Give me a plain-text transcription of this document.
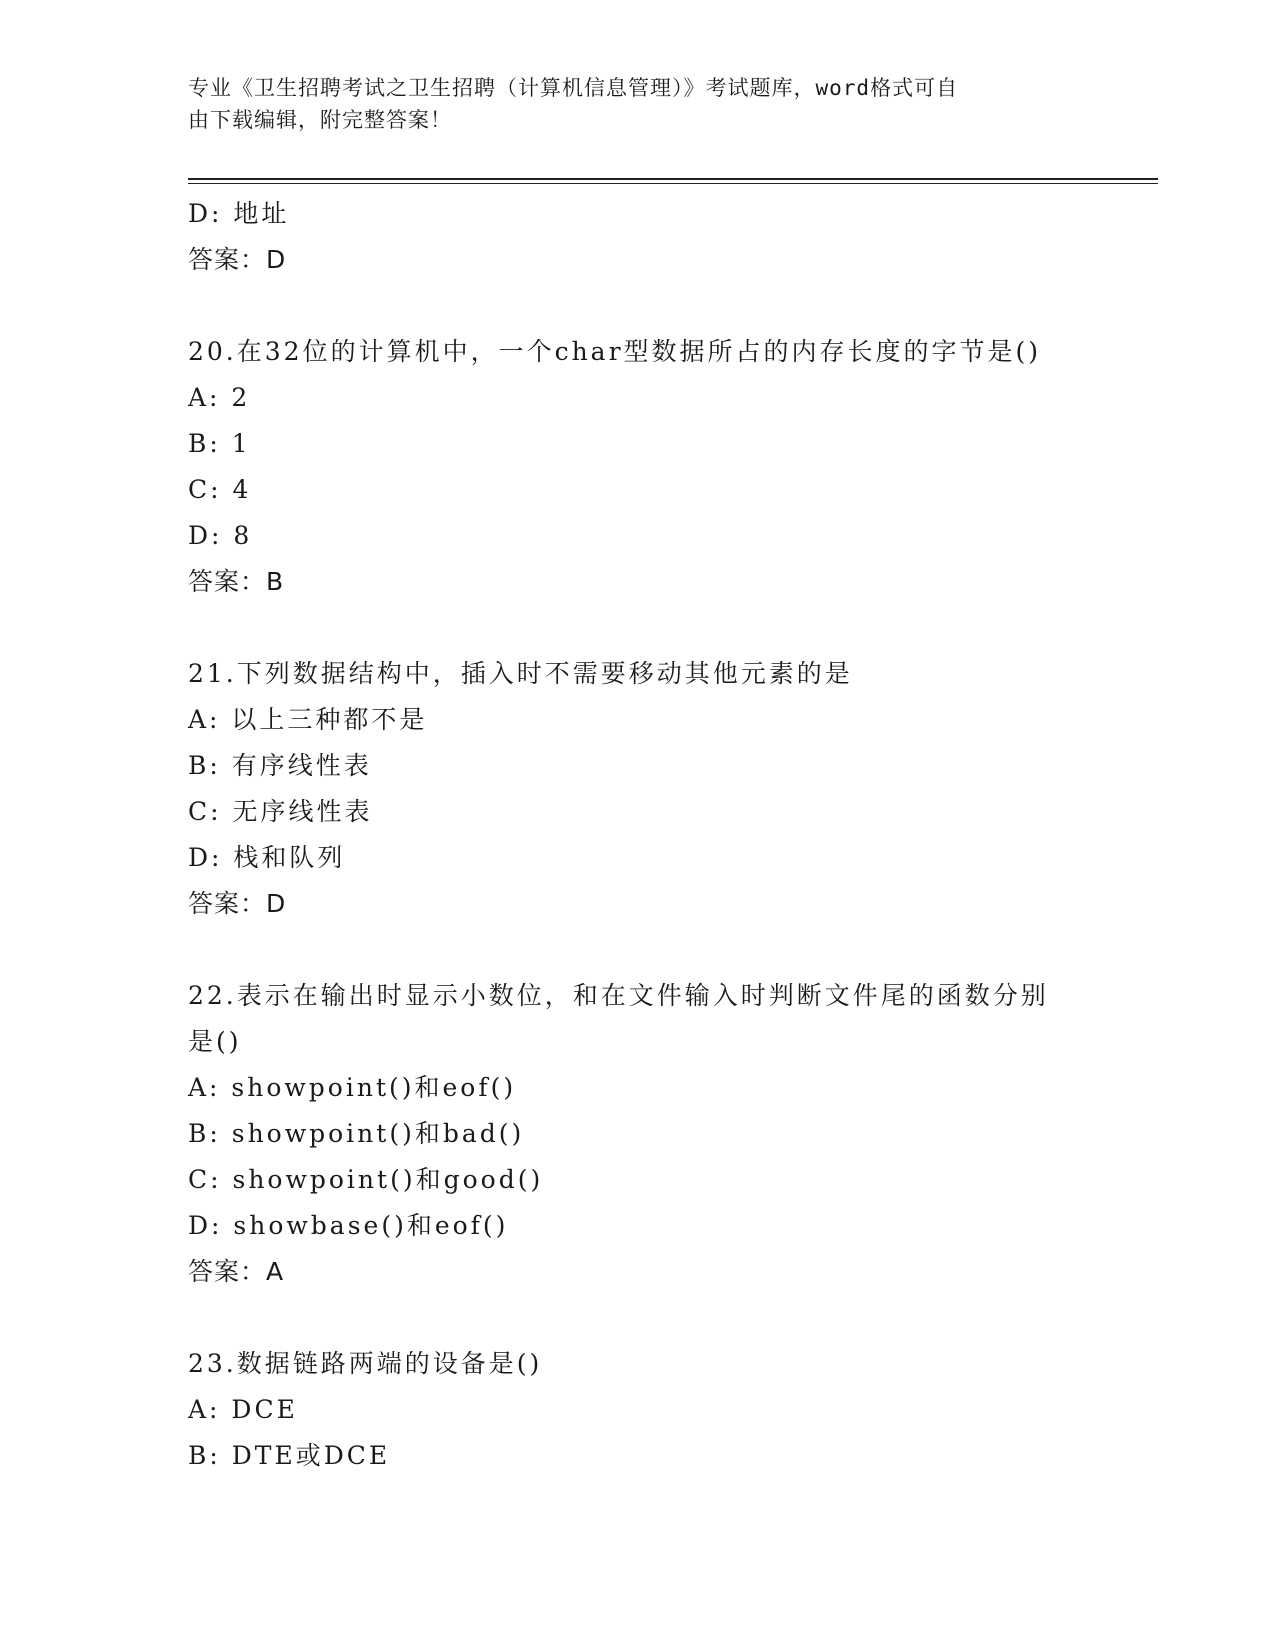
专业《卫生招聘考试之卫生招聘（计算机信息管理）》考试题库，word格式可自
由下载编辑，附完整答案！
D: 地址
答案：D
20.在32位的计算机中，一个char型数据所占的内存长度的字节是()
A: 2
B: 1
C: 4
D: 8
答案：B
21.下列数据结构中，插入时不需要移动其他元素的是
A: 以上三种都不是
B: 有序线性表
C: 无序线性表
D: 栈和队列
答案：D
22.表示在输出时显示小数位，和在文件输入时判断文件尾的函数分别
是()
A: showpoint()和eof()
B: showpoint()和bad()
C: showpoint()和good()
D: showbase()和eof()
答案：A
23.数据链路两端的设备是()
A: DCE
B: DTE或DCE
